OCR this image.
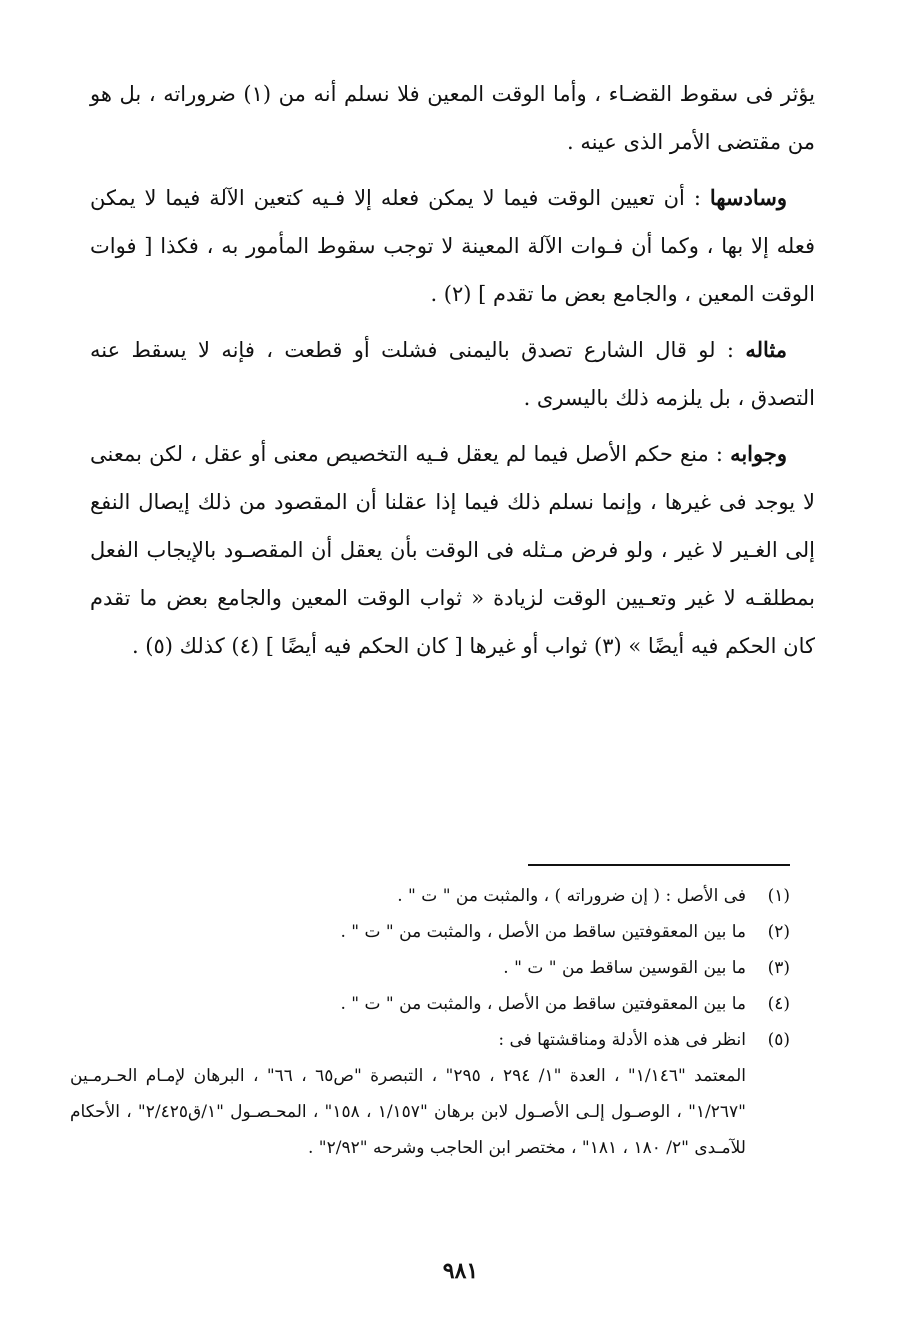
يؤثر فى سقوط القضـاء ، وأما الوقت المعين فلا نسلم أنه من (١) ضروراته ، بل هو من مقتضى الأمر الذى عينه .

وسادسها : أن تعيين الوقت فيما لا يمكن فعله إلا فـيه كتعين الآلة فيما لا يمكن فعله إلا بها ، وكما أن فـوات الآلة المعينة لا توجب سقوط المأمور به ، فكذا [ فوات الوقت المعين ، والجامع بعض ما تقدم ] (٢) .

مثاله : لو قال الشارع تصدق باليمنى فشلت أو قطعت ، فإنه لا يسقط عنه التصدق ، بل يلزمه ذلك باليسرى .

وجوابه : منع حكم الأصل فيما لم يعقل فـيه التخصيص معنى أو عقل ، لكن بمعنى لا يوجد فى غيرها ، وإنما نسلم ذلك فيما إذا عقلنا أن المقصود من ذلك إيصال النفع إلى الغـير لا غير ، ولو فرض مـثله فى الوقت بأن يعقل أن المقصـود بالإيجاب الفعل بمطلقـه لا غير وتعـيين الوقت لزيادة « ثواب الوقت المعين والجامع بعض ما تقدم كان الحكم فيه أيضًا » (٣) ثواب أو غيرها [ كان الحكم فيه أيضًا ] (٤) كذلك (٥) .

(١)
فى الأصل : ( إن ضروراته ) ، والمثبت من " ت " .
(٢)
ما بين المعقوفتين ساقط من الأصل ، والمثبت من " ت " .
(٣)
ما بين القوسين ساقط من " ت " .
(٤)
ما بين المعقوفتين ساقط من الأصل ، والمثبت من " ت " .
(٥)
انظر فى هذه الأدلة ومناقشتها فى :
المعتمد "١/١٤٦" ، العدة "١/ ٢٩٤ ، ٢٩٥" ، التبصرة "ص٦٥ ، ٦٦" ، البرهان لإمـام الحـرمـين "١/٢٦٧" ، الوصـول إلـى الأصـول لابن برهان "١/١٥٧ ، ١٥٨" ، المحـصـول "١/ق٢/٤٢٥" ، الأحكام للآمـدى "٢/ ١٨٠ ، ١٨١" ، مختصر ابن الحاجب وشرحه "٢/٩٢" .
٩٨١
